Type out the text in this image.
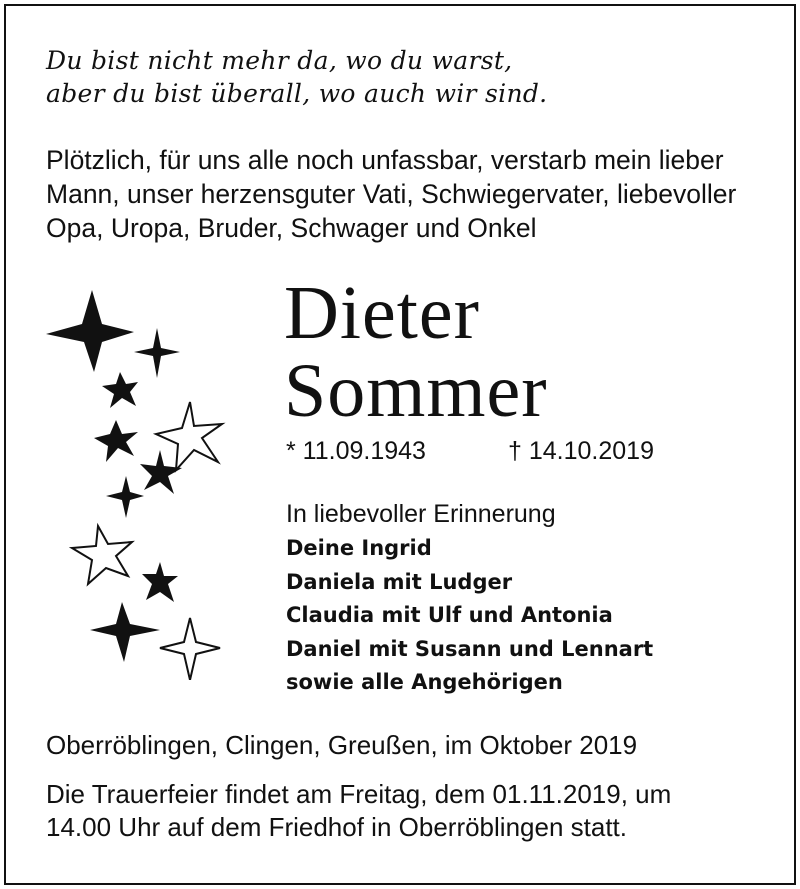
Du bist nicht mehr da, wo du warst,
aber du bist überall, wo auch wir sind.
Plötzlich, für uns alle noch unfassbar, verstarb mein lieber
Mann, unser herzensguter Vati, Schwiegervater, liebevoller
Opa, Uropa, Bruder, Schwager und Onkel
Dieter
Sommer
* 11.09.1943	† 14.10.2019
In liebevoller Erinnerung
Deine Ingrid
Daniela mit Ludger
Claudia mit Ulf und Antonia
Daniel mit Susann und Lennart
sowie alle Angehörigen
Oberröblingen, Clingen, Greußen, im Oktober 2019
Die Trauerfeier findet am Freitag, dem 01.11.2019, um
14.00 Uhr auf dem Friedhof in Oberröblingen statt.
